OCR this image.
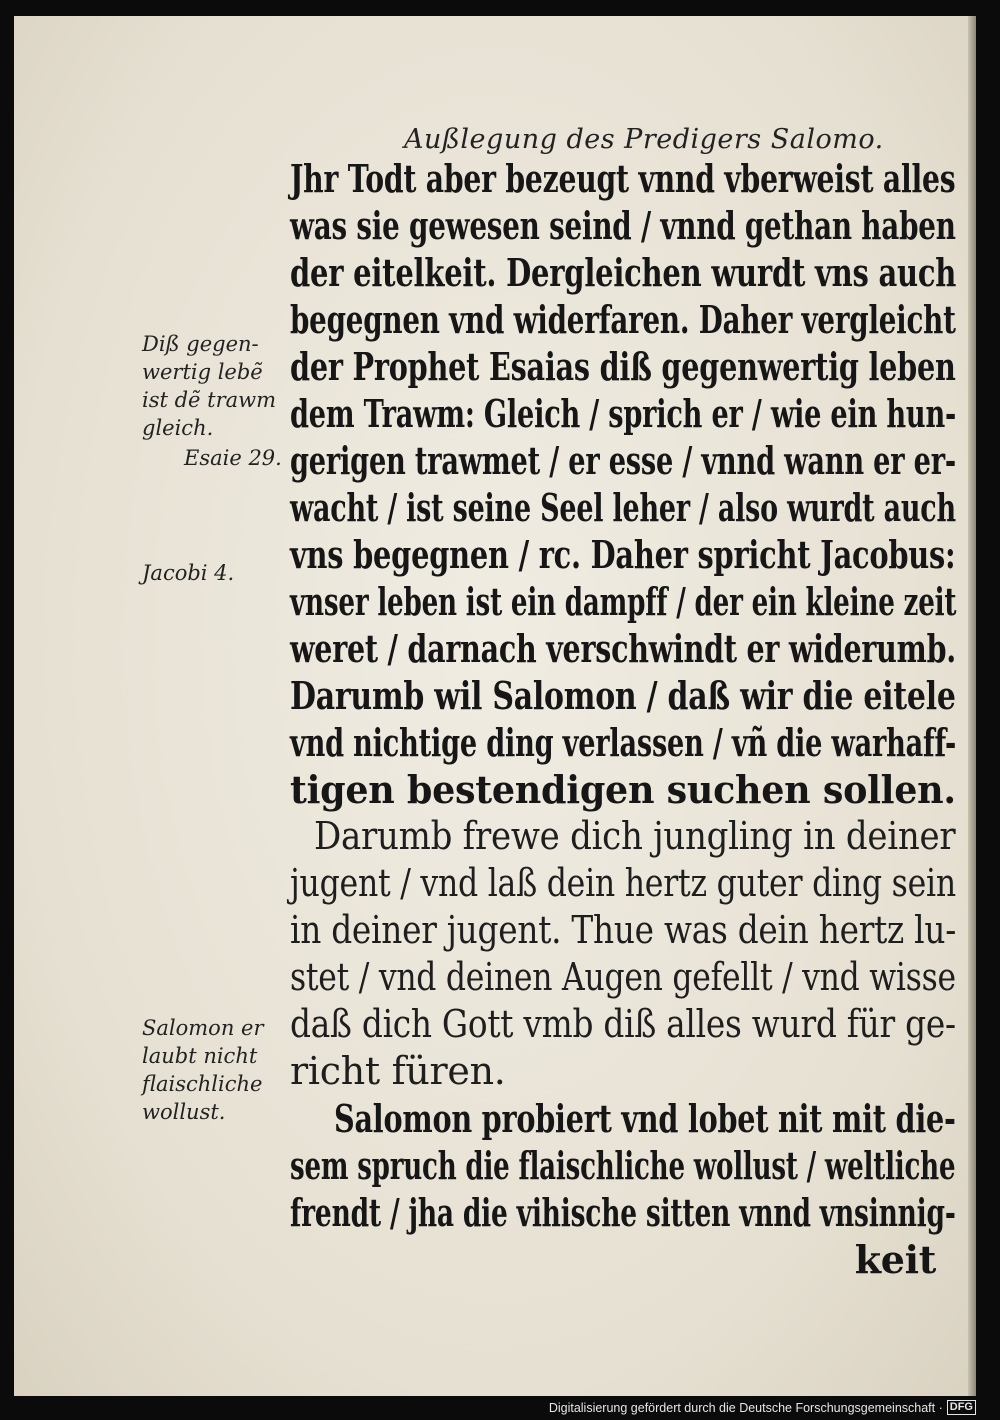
Außlegung des Predigers Salomo.
Diß gegen-
wertig lebẽ
ist dẽ trawm
gleich.
Esaie 29.
Jacobi 4.
Salomon er
laubt nicht
flaischliche
wollust.
Jhr Todt aber bezeugt vnnd vberweist alles
was sie gewesen seind / vnnd gethan haben
der eitelkeit. Dergleichen wurdt vns auch
begegnen vnd widerfaren. Daher vergleicht
der Prophet Esaias diß gegenwertig leben
dem Trawm: Gleich / sprich er / wie ein hun-
gerigen trawmet / er esse / vnnd wann er er-
wacht / ist seine Seel leher / also wurdt auch
vns begegnen / rc. Daher spricht Jacobus:
vnser leben ist ein dampff / der ein kleine zeit
weret / darnach verschwindt er widerumb.
Darumb wil Salomon / daß wir die eitele
vnd nichtige ding verlassen / vñ die warhaff-
tigen bestendigen suchen sollen.
Darumb frewe dich jungling in deiner
jugent / vnd laß dein hertz guter ding sein
in deiner jugent. Thue was dein hertz lu-
stet / vnd deinen Augen gefellt / vnd wisse
daß dich Gott vmb diß alles wurd für ge-
richt füren.
Salomon probiert vnd lobet nit mit die-
sem spruch die flaischliche wollust / weltliche
frendt / jha die vihische sitten vnnd vnsinnig-
keit
Digitalisierung gefördert durch die Deutsche Forschungsgemeinschaft · DFG
